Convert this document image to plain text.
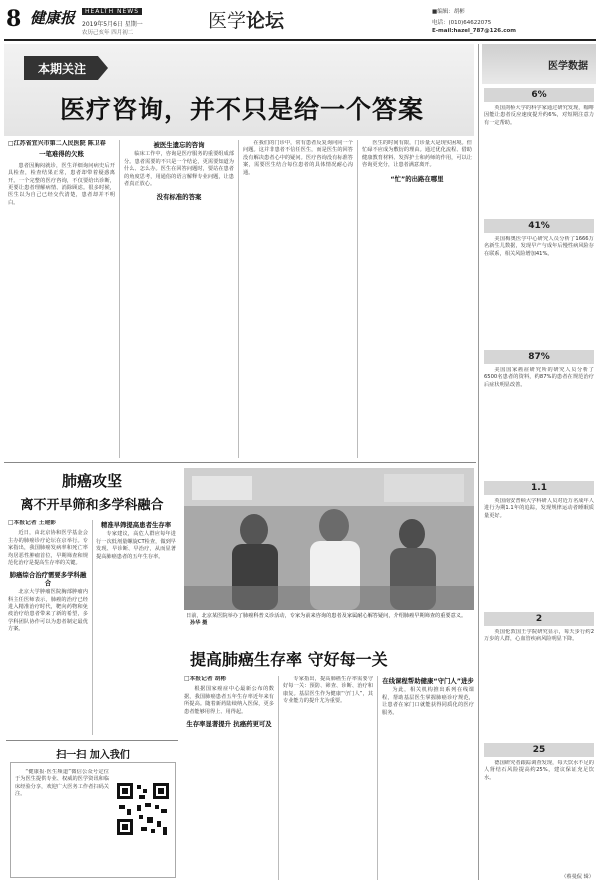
8 健康报	HEALTH NEWS
2019年5月6日 星期一
农历己亥年 四月初二
医学论坛	■编辑：胡彬
电话：(010)64622075
E-mail:hazel_787@126.com
本期关注
医疗咨询，并不只是给一个答案
□江苏省宜兴市第二人民医院 陈卫春
一笔难得的欠账

患者因胸闷就诊，医生详细询问病史后开具检查，检查结果正常，患者却带着疑惑离开。一个完整的医疗咨询，不仅要给出诊断，更要让患者理解病情、消除顾虑。很多时候，医生以为自己已经交代清楚，患者却并不明白。

被医生遗忘的咨询

临床工作中，咨询是医疗服务的重要组成部分。患者需要的不只是一个结论，更需要知道为什么、怎么办。医生在回答问题时，要站在患者的角度思考，用通俗的语言解释专业问题，让患者真正放心。

没有标准的答案

在我们的门诊中，常有患者反复询问同一个问题。这并非患者不信任医生，而是医生的回答没有解决患者心中的疑问。医疗咨询没有标准答案，需要医生结合每位患者的具体情况耐心沟通。

医生的时间有限，门诊量大是现实困境。但忙碌不应成为敷衍的理由。通过优化流程、借助健康教育材料、发挥护士和药师的作用，可以让咨询更充分，让患者满意离开。

“忙”的出路在哪里
医学数据
6%
英国剑桥大学的科学家通过研究发现，咖啡因能让患者反应速度提升约6%，对短期注意力有一定帮助。
41%
美国梅奥医学中心研究人员分析了1666万名新生儿数据，发现早产与成年后慢性病风险存在联系，相关风险增加41%。
87%
美国国家癌症研究所的研究人员分析了6500名患者的资料，约87%的患者在规范治疗后症状明显改善。
1.1
英国南安普顿大学科研人员对近万名成年人进行为期1.1年的追踪，发现规律运动者睡眠质量更好。
2
英国伦敦国王学院研究显示，每天步行约2万步的人群，心血管疾病风险明显下降。
25
德国研究者跟踪调查发现，每天饮水不足的人肾结石风险提高约25%，建议保证充足饮水。
（蔡曼侃 辑）
肺癌攻坚
离不开早筛和多学科融合
□本报记者 王建影

近日，由北京协和医学基金会主办的肺癌诊疗论坛在京举行。专家指出，我国肺癌发病率和死亡率均居恶性肿瘤首位，早期筛查和规范化治疗是提高生存率的关键。

肺癌综合治疗需要多学科融合

北京大学肿瘤医院胸部肿瘤内科主任医师表示，肺癌的治疗已经进入精准治疗时代，靶向药物和免疫治疗给患者带来了新的希望，多学科团队协作可以为患者制定最优方案。

精准早筛提高患者生存率

专家建议，高危人群应每年进行一次低剂量螺旋CT检查，做到早发现、早诊断、早治疗，从而显著提高肺癌患者的五年生存率。

日前，北京某医院举办了肺癌科普义诊活动，专家为前来咨询的患者及家属耐心解答疑问，介绍肺癌早期筛查的重要意义。 孙华 摄
提高肺癌生存率 守好每一关
□本报记者 胡彬

根据国家癌症中心最新公布的数据，我国肺癌患者五年生存率近年来有所提高。随着新药陆续纳入医保，更多患者能够用得上、用得起。

生存率显著提升 抗癌药更可及

专家指出，提高肺癌生存率需要守好每一关：预防、筛查、诊断、治疗和康复。基层医生作为健康“守门人”，其专业能力的提升尤为重要。

在线课程帮助健康“守门人”进步

为此，相关机构推出系列在线课程，帮助基层医生掌握肺癌诊疗规范，让患者在家门口就能获得同质化的医疗服务。

扫一扫 加入我们
“健康报·医生频道”微信公众号定位于为医生提供专业、权威的医学资讯和临床经验分享，欢迎广大医务工作者扫码关注。
